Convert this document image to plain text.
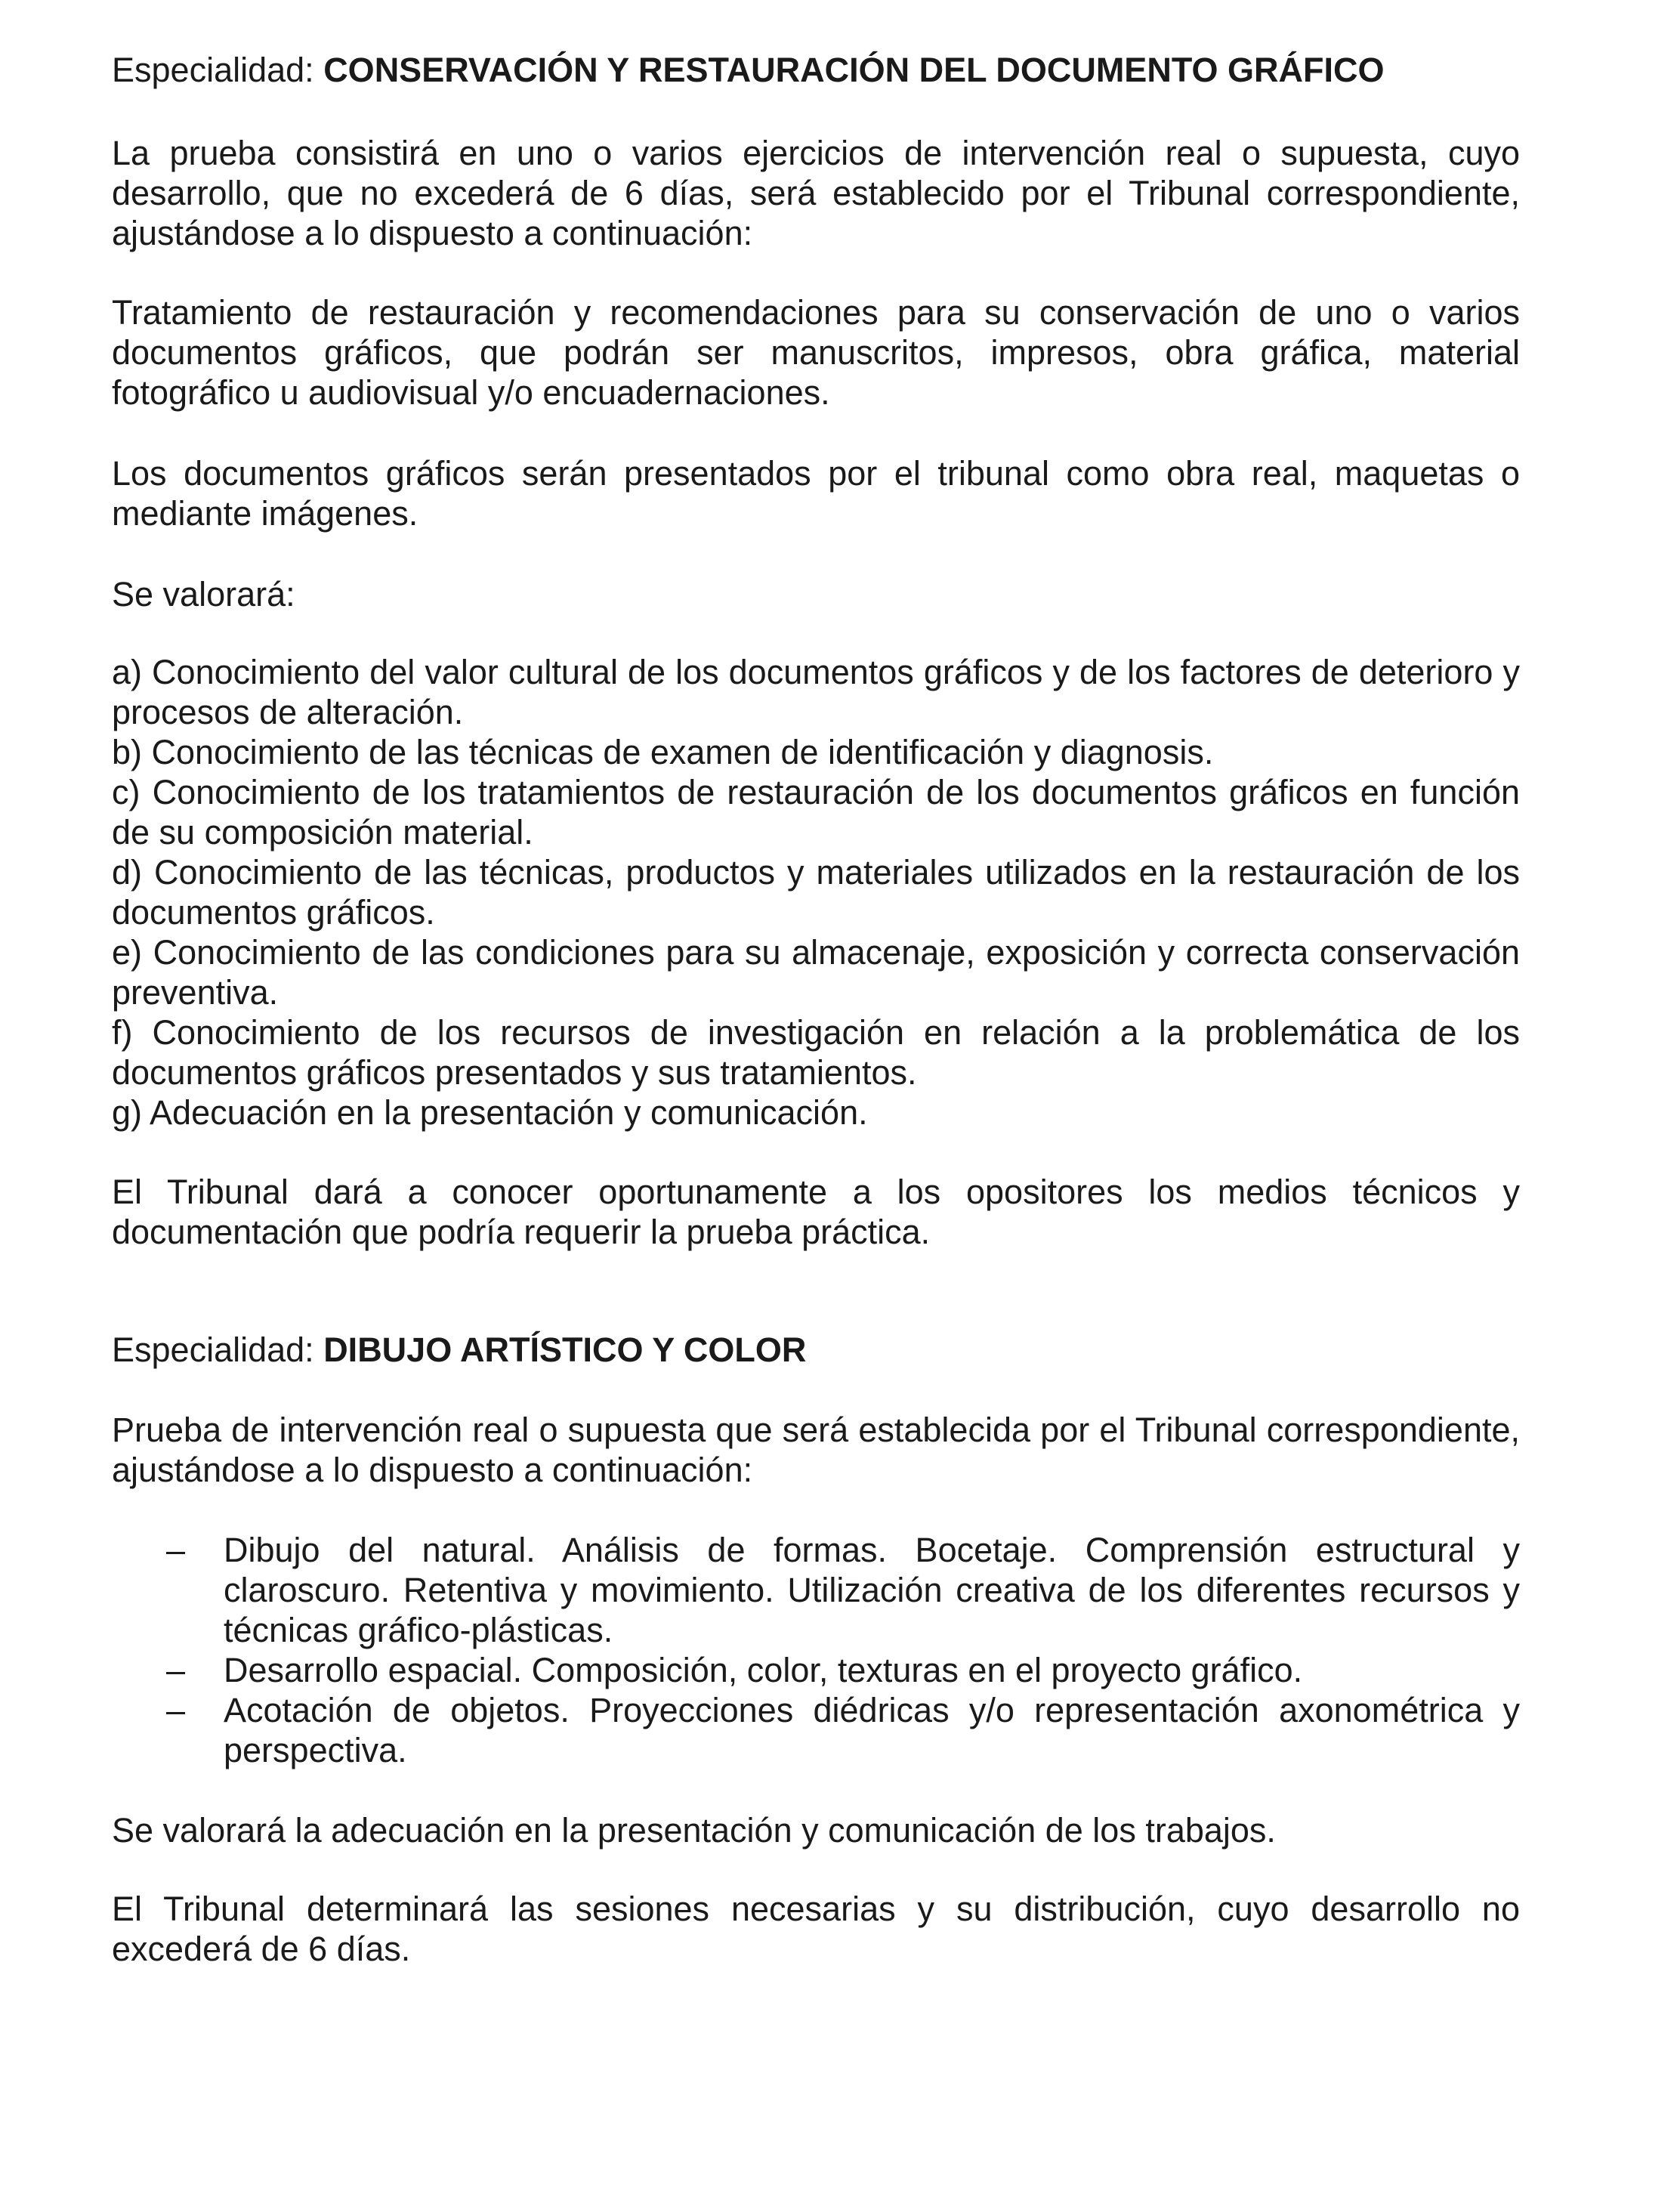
Especialidad: CONSERVACIÓN Y RESTAURACIÓN DEL DOCUMENTO GRÁFICO

La prueba consistirá en uno o varios ejercicios de intervención real o supuesta, cuyo desarrollo, que no excederá de 6 días, será establecido por el Tribunal correspondiente, ajustándose a lo dispuesto a continuación:

Tratamiento de restauración y recomendaciones para su conservación de uno o varios documentos gráficos, que podrán ser manuscritos, impresos, obra gráfica, material fotográfico u audiovisual y/o encuadernaciones.

Los documentos gráficos serán presentados por el tribunal como obra real, maquetas o mediante imágenes.

Se valorará:

a) Conocimiento del valor cultural de los documentos gráficos y de los factores de deterioro y procesos de alteración.
b) Conocimiento de las técnicas de examen de identificación y diagnosis.
c) Conocimiento de los tratamientos de restauración de los documentos gráficos en función de su composición material.
d) Conocimiento de las técnicas, productos y materiales utilizados en la restauración de los documentos gráficos.
e) Conocimiento de las condiciones para su almacenaje, exposición y correcta conservación preventiva.
f) Conocimiento de los recursos de investigación en relación a la problemática de los documentos gráficos presentados y sus tratamientos.
g) Adecuación en la presentación y comunicación.

El Tribunal dará a conocer oportunamente a los opositores los medios técnicos y documentación que podría requerir la prueba práctica.

Especialidad: DIBUJO ARTÍSTICO Y COLOR

Prueba de intervención real o supuesta que será establecida por el Tribunal correspondiente, ajustándose a lo dispuesto a continuación:

– Dibujo del natural. Análisis de formas. Bocetaje. Comprensión estructural y claroscuro. Retentiva y movimiento. Utilización creativa de los diferentes recursos y técnicas gráfico-plásticas.
– Desarrollo espacial. Composición, color, texturas en el proyecto gráfico.
– Acotación de objetos. Proyecciones diédricas y/o representación axonométrica y perspectiva.

Se valorará la adecuación en la presentación y comunicación de los trabajos.

El Tribunal determinará las sesiones necesarias y su distribución, cuyo desarrollo no excederá de 6 días.
